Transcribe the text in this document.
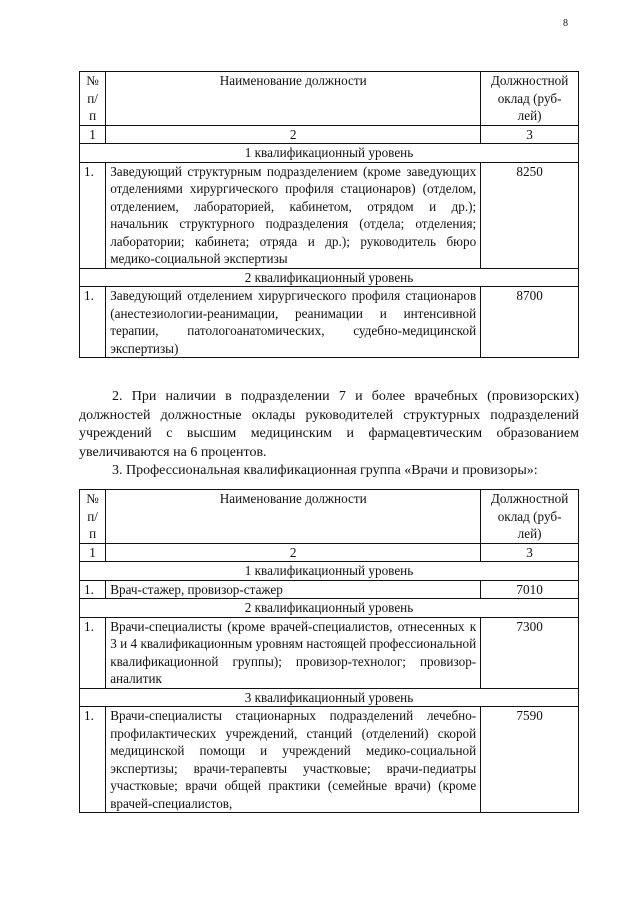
8
№ п/п	Наименование должности	Должностной оклад (руб- лей)
1	2	3
1 квалификационный уровень		
1.	Заведующий структурным подразделением (кроме заведующих отделениями хирургического профиля стационаров) (отделом, отделением, лабораторией, кабинетом, отрядом и др.); начальник структурного подразделения (отдела; отделения; лаборатории; кабинета; отряда и др.); руководитель бюро медико-социальной экспертизы	8250
2 квалификационный уровень		
1.	Заведующий отделением хирургического профиля стационаров (анестезиологии-реанимации, реанимации и интенсивной терапии, патологоанатомических, судебно-медицинской экспертизы)	8700

2. При наличии в подразделении 7 и более врачебных (провизорских) должностей должностные оклады руководителей структурных подразделений учреждений с высшим медицинским и фармацевтическим образованием увеличиваются на 6 процентов.

3. Профессиональная квалификационная группа «Врачи и провизоры»:

№ п/п	Наименование должности	Должностной оклад (руб- лей)
1	2	3
1 квалификационный уровень		
1.	Врач-стажер, провизор-стажер	7010
2 квалификационный уровень		
1.	Врачи-специалисты (кроме врачей-специалистов, отнесенных к 3 и 4 квалификационным уровням настоящей профессиональной квалификационной группы); провизор-технолог; провизор-аналитик	7300
3 квалификационный уровень		
1.	Врачи-специалисты стационарных подразделений лечебно-профилактических учреждений, станций (отделений) скорой медицинской помощи и учреждений медико-социальной экспертизы; врачи-терапевты участковые; врачи-педиатры участковые; врачи общей практики (семейные врачи) (кроме врачей-специалистов,	7590
